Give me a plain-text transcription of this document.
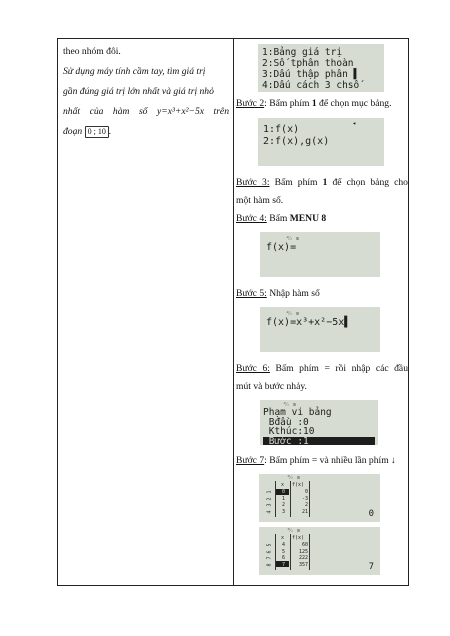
theo nhóm đôi.

Sử dụng máy tính cầm tay, tìm giá trị

gần đúng giá trị lớn nhất và giá trị nhỏ

nhất của hàm số y=x³+x²−5x trên

đoạn 0 ; 10 .

1:Bảng giá trị
2:Số tphân thoàn
3:Dấu thập phân ▌
4:Dấu cách 3 chsố
Bước 2: Bấm phím 1 để chọn mục bảng.
1:f(x)
2:f(x),g(x)
◂
Bước 3: Bấm phím 1 để chọn bảng cho
một hàm số.
Bước 4: Bấm MENU 8
ᵈ⁄ᵣ ≡
f(x)=
Bước 5: Nhập hàm số
ᵈ⁄ᵣ ≡
f(x)=x³+x²−5x▌
Bước 6: Bấm phím = rồi nhập các đầu
mút và bước nhảy.
ᵈ⁄ᵣ ≡
Phạm vi bảng
Bđầu :0
Kthúc:10
Bước :1
Bước 7: Bấm phím = và nhiều lần phím ↓
ᵈ⁄ᵣ ≡
x f(x)
1 0	0
2 1	-3
3 2	2
4 3	21	0
ᵈ⁄ᵣ ≡
x f(x)
5 4	60
6 5	125
7 6	222
8 7	357	7
